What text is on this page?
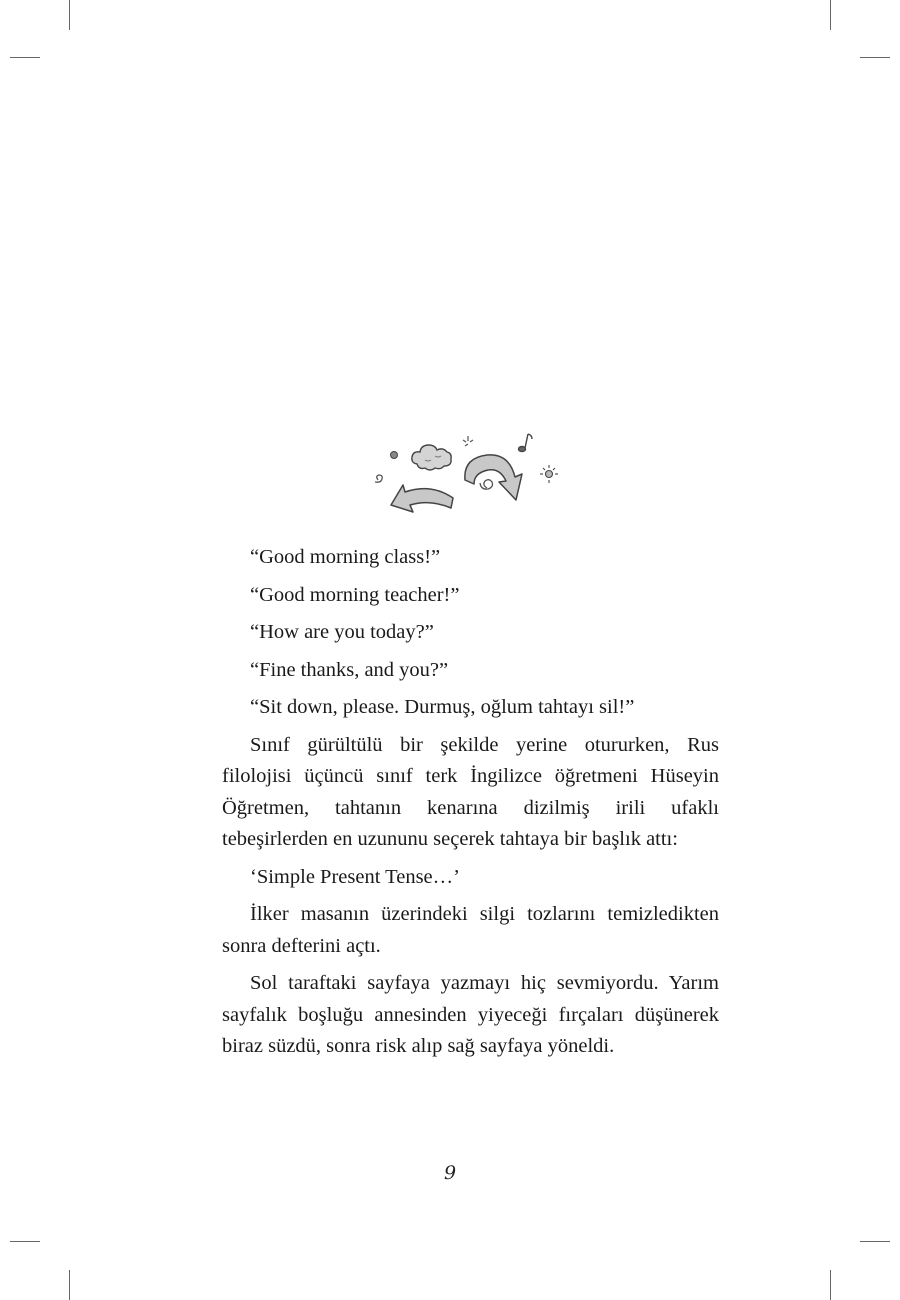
“Good morning class!”

“Good morning teacher!”

“How are you today?”

“Fine thanks, and you?”

“Sit down, please. Durmuş, oğlum tahtayı sil!”

Sınıf gürültülü bir şekilde yerine otururken, Rus filolojisi üçüncü sınıf terk İngilizce öğretmeni Hüseyin Öğretmen, tahtanın kenarına dizilmiş irili ufaklı tebeşirlerden en uzununu seçerek tahtaya bir başlık attı:

‘Simple Present Tense…’

İlker masanın üzerindeki silgi tozlarını temizledikten sonra defterini açtı.

Sol taraftaki sayfaya yazmayı hiç sevmiyordu. Yarım sayfalık boşluğu annesinden yiyeceği fırçaları düşünerek biraz süzdü, sonra risk alıp sağ sayfaya yöneldi.

9
